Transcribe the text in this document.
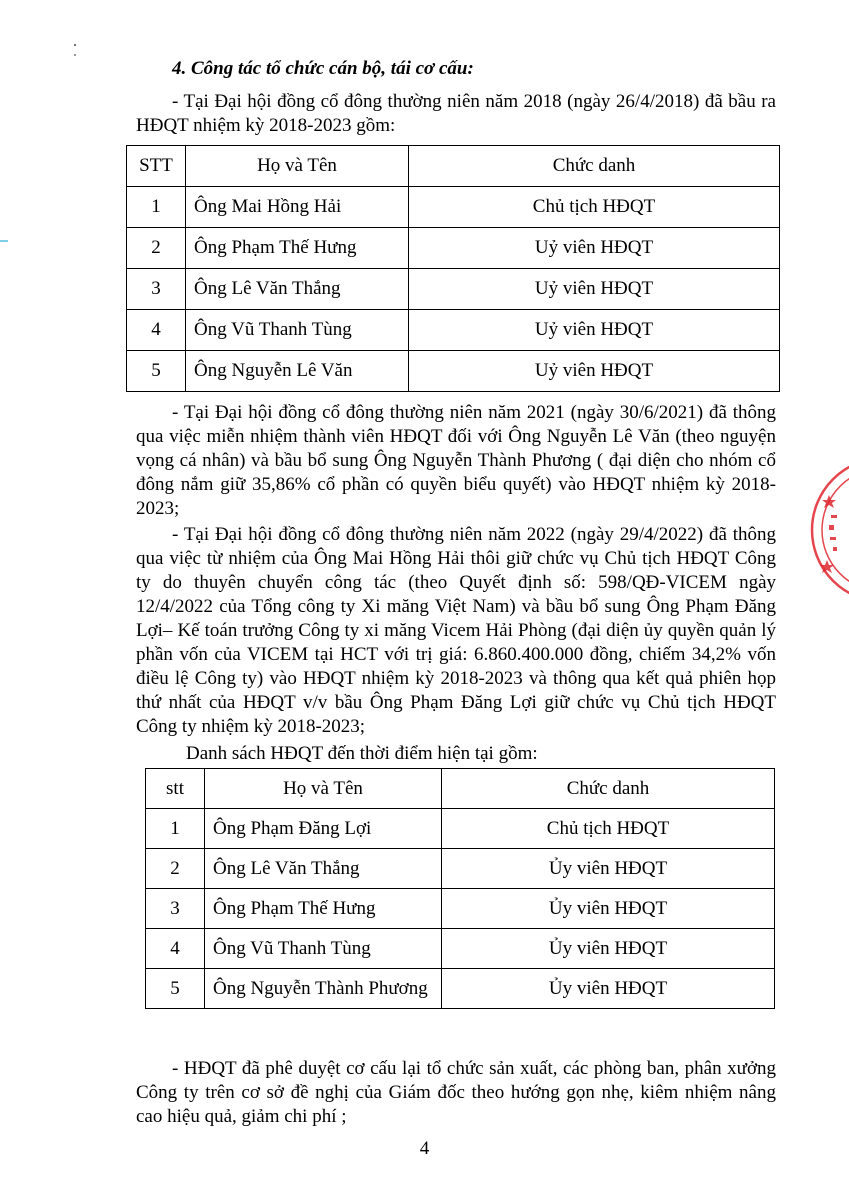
4. Công tác tổ chức cán bộ, tái cơ cấu:

- Tại Đại hội đồng cổ đông thường niên năm 2018 (ngày 26/4/2018) đã bầu ra HĐQT nhiệm kỳ 2018-2023 gồm:

STT	Họ và Tên	Chức danh
1	Ông Mai Hồng Hải	Chủ tịch HĐQT
2	Ông Phạm Thế Hưng	Uỷ viên HĐQT
3	Ông Lê Văn Thắng	Uỷ viên HĐQT
4	Ông Vũ Thanh Tùng	Uỷ viên HĐQT
5	Ông Nguyễn Lê Văn	Uỷ viên HĐQT

- Tại Đại hội đồng cổ đông thường niên năm 2021 (ngày 30/6/2021) đã thông qua việc miễn nhiệm thành viên HĐQT đối với Ông Nguyễn Lê Văn (theo nguyện vọng cá nhân) và bầu bổ sung Ông Nguyễn Thành Phương ( đại diện cho nhóm cổ đông nắm giữ 35,86% cổ phần có quyền biểu quyết) vào HĐQT nhiệm kỳ 2018-2023;

- Tại Đại hội đồng cổ đông thường niên năm 2022 (ngày 29/4/2022) đã thông qua việc từ nhiệm của Ông Mai Hồng Hải thôi giữ chức vụ Chủ tịch HĐQT Công ty do thuyên chuyển công tác (theo Quyết định số: 598/QĐ-VICEM ngày 12/4/2022 của Tổng công ty Xi măng Việt Nam) và bầu bổ sung Ông Phạm Đăng Lợi– Kế toán trưởng Công ty xi măng Vicem Hải Phòng (đại diện ủy quyền quản lý phần vốn của VICEM tại HCT với trị giá: 6.860.400.000 đồng, chiếm 34,2% vốn điều lệ Công ty) vào HĐQT nhiệm kỳ 2018-2023 và thông qua kết quả phiên họp thứ nhất của HĐQT v/v bầu Ông Phạm Đăng Lợi giữ chức vụ Chủ tịch HĐQT Công ty nhiệm kỳ 2018-2023;

Danh sách HĐQT đến thời điểm hiện tại gồm:
stt	Họ và Tên	Chức danh
1	Ông Phạm Đăng Lợi	Chủ tịch HĐQT
2	Ông Lê Văn Thắng	Ủy viên HĐQT
3	Ông Phạm Thế Hưng	Ủy viên HĐQT
4	Ông Vũ Thanh Tùng	Ủy viên HĐQT
5	Ông Nguyễn Thành Phương	Ủy viên HĐQT

- HĐQT đã phê duyệt cơ cấu lại tổ chức sản xuất, các phòng ban, phân xưởng Công ty trên cơ sở đề nghị của Giám đốc theo hướng gọn nhẹ, kiêm nhiệm nâng cao hiệu quả, giảm chi phí ;

4
